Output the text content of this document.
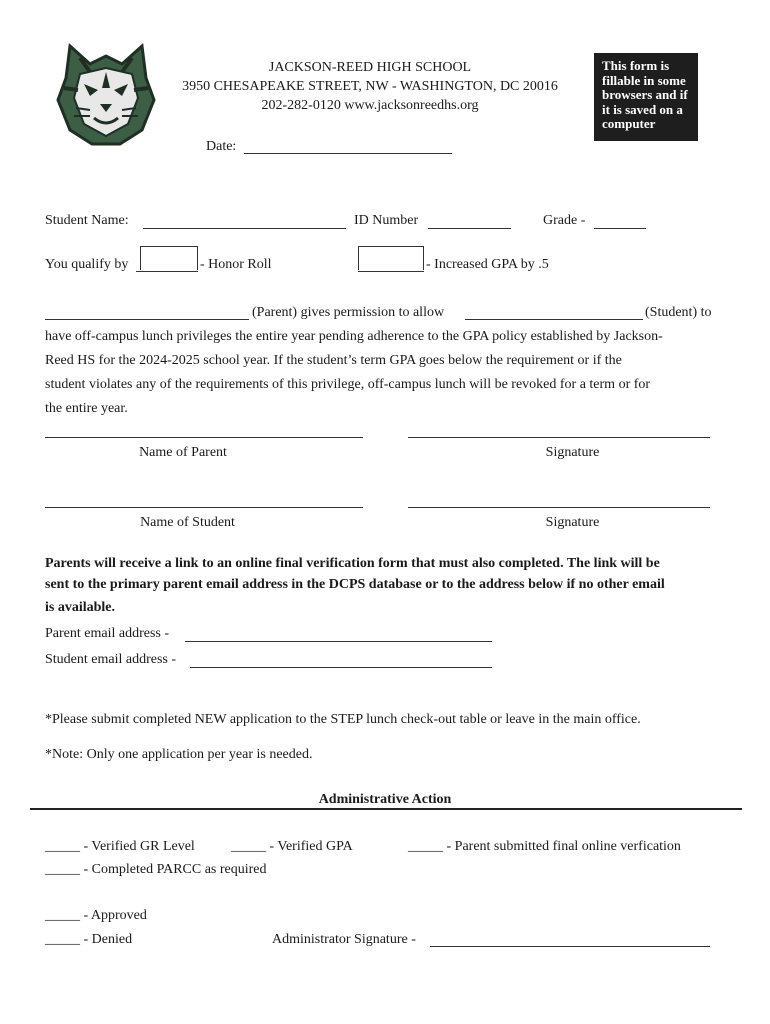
JACKSON-REED HIGH SCHOOL
3950 CHESAPEAKE STREET, NW - WASHINGTON, DC 20016
202-282-0120 www.jacksonreedhs.org
This form is fillable in some browsers and if it is saved on a computer
Date:
Student Name:	ID Number	Grade -
You qualify by	- Honor Roll	- Increased GPA by .5
(Parent) gives permission to allow	(Student) to
have off-campus lunch privileges the entire year pending adherence to the GPA policy established by Jackson-
Reed HS for the 2024-2025 school year. If the student’s term GPA goes below the requirement or if the
student violates any of the requirements of this privilege, off-campus lunch will be revoked for a term or for
the entire year.
Name of Parent	Signature
Name of Student	Signature
Parents will receive a link to an online final verification form that must also completed. The link will be
sent to the primary parent email address in the DCPS database or to the address below if no other email
is available.
Parent email address -
Student email address -
*Please submit completed NEW application to the STEP lunch check-out table or leave in the main office.
*Note: Only one application per year is needed.
Administrative Action
_____ - Verified GR Level	_____ - Verified GPA	_____ - Parent submitted final online verfication
_____ - Completed PARCC as required
_____ - Approved
_____ - Denied	Administrator Signature -
